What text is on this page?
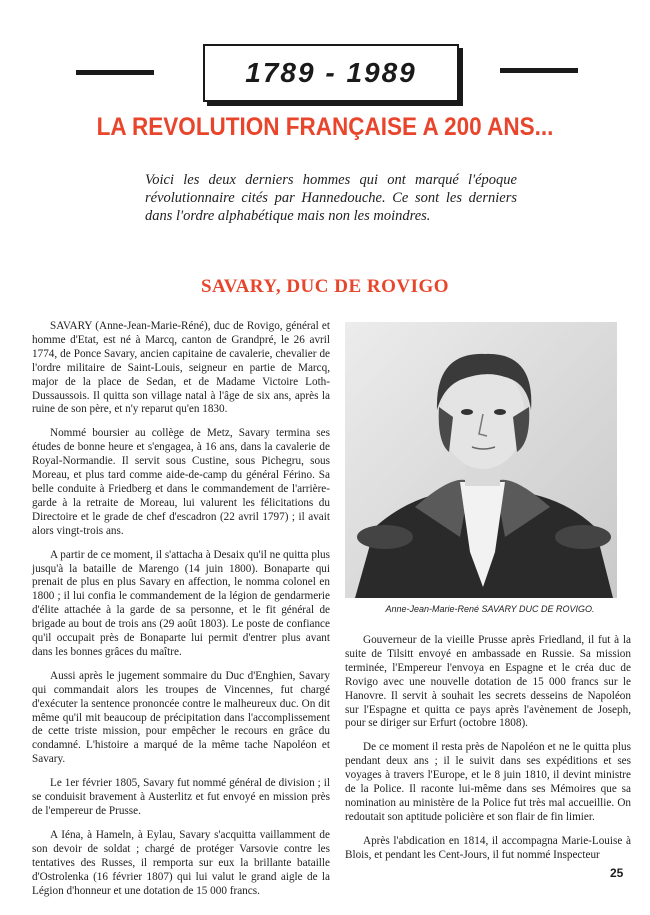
1789 - 1989
LA REVOLUTION FRANÇAISE A 200 ANS...
Voici les deux derniers hommes qui ont marqué l'époque révolutionnaire cités par Hannedouche. Ce sont les derniers dans l'ordre alphabétique mais non les moindres.
SAVARY, DUC DE ROVIGO

SAVARY (Anne-Jean-Marie-Réné), duc de Rovigo, général et homme d'Etat, est né à Marcq, canton de Grandpré, le 26 avril 1774, de Ponce Savary, ancien capitaine de cavalerie, chevalier de l'ordre militaire de Saint-Louis, seigneur en partie de Marcq, major de la place de Sedan, et de Madame Victoire Loth-Dussaussois. Il quitta son village natal à l'âge de six ans, après la ruine de son père, et n'y reparut qu'en 1830.

Nommé boursier au collège de Metz, Savary termina ses études de bonne heure et s'engagea, à 16 ans, dans la cavalerie de Royal-Normandie. Il servit sous Custine, sous Pichegru, sous Moreau, et plus tard comme aide-de-camp du général Férino. Sa belle conduite à Friedberg et dans le commandement de l'arrière-garde à la retraite de Moreau, lui valurent les félicitations du Directoire et le grade de chef d'escadron (22 avril 1797) ; il avait alors vingt-trois ans.

A partir de ce moment, il s'attacha à Desaix qu'il ne quitta plus jusqu'à la bataille de Marengo (14 juin 1800). Bonaparte qui prenait de plus en plus Savary en affection, le nomma colonel en 1800 ; il lui confia le commandement de la légion de gendarmerie d'élite attachée à la garde de sa personne, et le fit général de brigade au bout de trois ans (29 août 1803). Le poste de confiance qu'il occupait près de Bonaparte lui permit d'entrer plus avant dans les bonnes grâces du maître.

Aussi après le jugement sommaire du Duc d'Enghien, Savary qui commandait alors les troupes de Vincennes, fut chargé d'exécuter la sentence prononcée contre le malheureux duc. On dit même qu'il mit beaucoup de précipitation dans l'accomplissement de cette triste mission, pour empêcher le recours en grâce du condamné. L'histoire a marqué de la même tache Napoléon et Savary.

Le 1er février 1805, Savary fut nommé général de division ; il se conduisit bravement à Austerlitz et fut envoyé en mission près de l'empereur de Prusse.

A Iéna, à Hameln, à Eylau, Savary s'acquitta vaillamment de son devoir de soldat ; chargé de protéger Varsovie contre les tentatives des Russes, il remporta sur eux la brillante bataille d'Ostrolenka (16 février 1807) qui lui valut le grand aigle de la Légion d'honneur et une dotation de 15 000 francs.

Anne-Jean-Marie-René SAVARY DUC DE ROVIGO.

Gouverneur de la vieille Prusse après Friedland, il fut à la suite de Tilsitt envoyé en ambassade en Russie. Sa mission terminée, l'Empereur l'envoya en Espagne et le créa duc de Rovigo avec une nouvelle dotation de 15 000 francs sur le Hanovre. Il servit à souhait les secrets desseins de Napoléon sur l'Espagne et quitta ce pays après l'avènement de Joseph, pour se diriger sur Erfurt (octobre 1808).

De ce moment il resta près de Napoléon et ne le quitta plus pendant deux ans ; il le suivit dans ses expéditions et ses voyages à travers l'Europe, et le 8 juin 1810, il devint ministre de la Police. Il raconte lui-même dans ses Mémoires que sa nomination au ministère de la Police fut très mal accueillie. On redoutait son aptitude policière et son flair de fin limier.

Après l'abdication en 1814, il accompagna Marie-Louise à Blois, et pendant les Cent-Jours, il fut nommé Inspecteur

25
